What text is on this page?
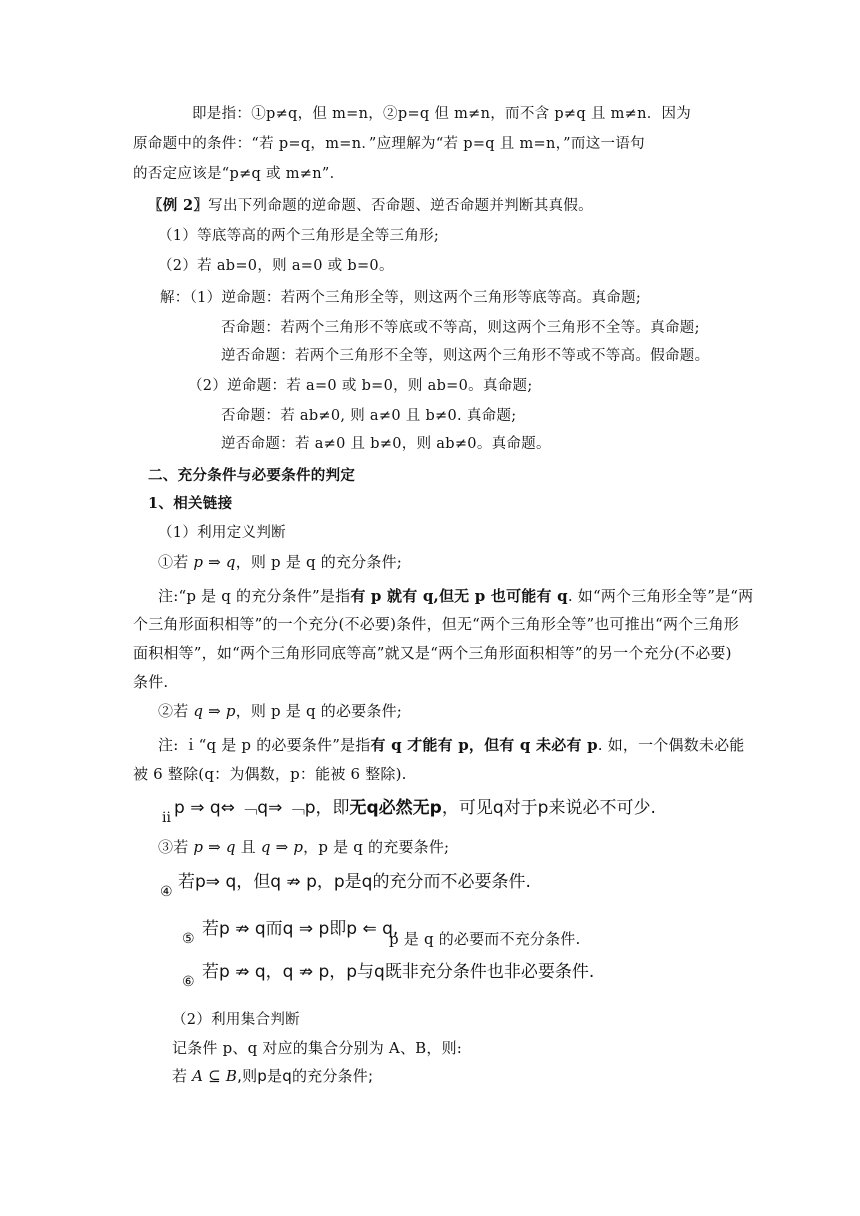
即是指：①p≠q，但 m=n，②p=q 但 m≠n，而不含 p≠q 且 m≠n．因为
原命题中的条件：“若 p=q，m=n．”应理解为“若 p=q 且 m=n，”而这一语句
的否定应该是“p≠q 或 m≠n”．
〖例 2〗写出下列命题的逆命题、否命题、逆否命题并判断其真假。
（1）等底等高的两个三角形是全等三角形;
（2）若 ab=0，则 a=0 或 b=0。
解：（1）逆命题：若两个三角形全等，则这两个三角形等底等高。真命题;
否命题：若两个三角形不等底或不等高，则这两个三角形不全等。真命题;
逆否命题：若两个三角形不全等，则这两个三角形不等或不等高。假命题。
（2）逆命题：若 a=0 或 b=0，则 ab=0。真命题;
否命题：若 ab≠0, 则 a≠0 且 b≠0. 真命题;
逆否命题：若 a≠0 且 b≠0，则 ab≠0。真命题。
二、充分条件与必要条件的判定
1、相关链接
（1）利用定义判断
①若 p ⇒ q，则 p 是 q 的充分条件;
注:“p 是 q 的充分条件”是指有 p 就有 q,但无 p 也可能有 q. 如“两个三角形全等”是“两
个三角形面积相等”的一个充分(不必要)条件，但无“两个三角形全等”也可推出“两个三角形
面积相等”，如“两个三角形同底等高”就又是“两个三角形面积相等”的另一个充分(不必要)
条件.
②若 q ⇒ p，则 p 是 q 的必要条件;
注: ｉ“q 是 p 的必要条件”是指有 q 才能有 p，但有 q 未必有 p. 如，一个偶数未必能
被 6 整除(q：为偶数，p：能被 6 整除).
ⅱ p ⇒ q⇔ ﹁q⇒ ﹁p，即无q必然无p，可见q对于p来说必不可少.
③若 p ⇒ q 且 q ⇒ p，p 是 q 的充要条件;
④ 若p⇒ q，但q ⇏ p，p是q的充分而不必要条件.
⑤ 若p ⇏ q而q ⇒ p即p ⇐ q,
p 是 q 的必要而不充分条件.
⑥ 若p ⇏ q，q ⇏ p，p与q既非充分条件也非必要条件.
（2）利用集合判断
记条件 p、q 对应的集合分别为 A、B，则:
若 A ⊆ B,则p是q的充分条件;
